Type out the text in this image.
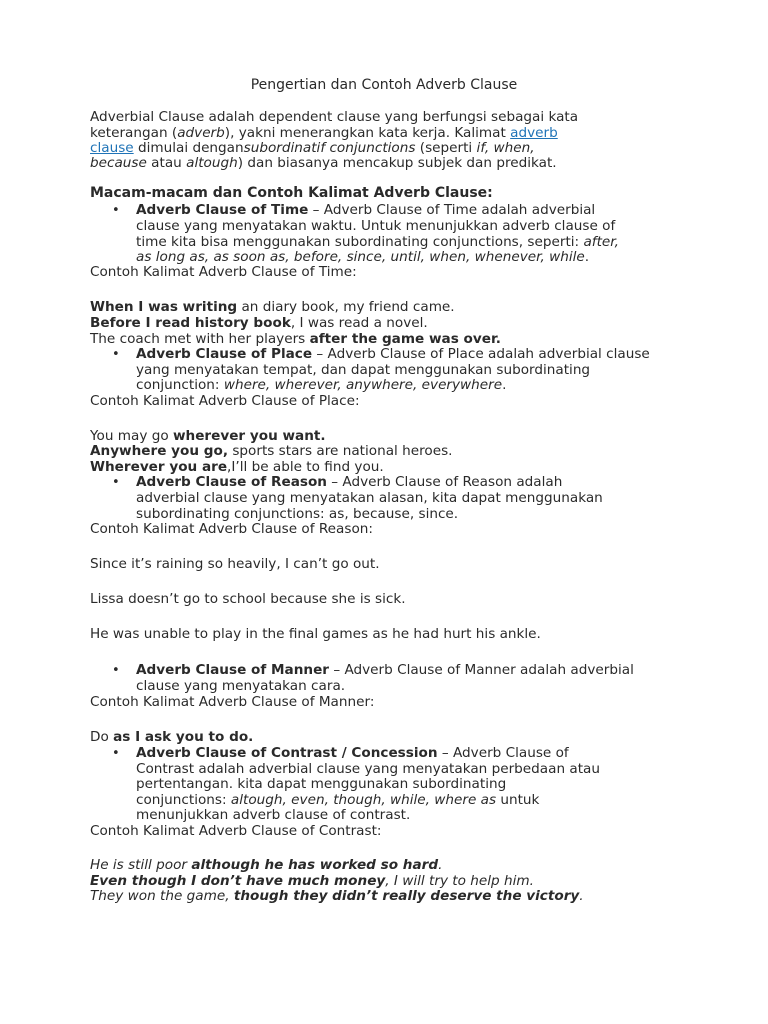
Pengertian dan Contoh Adverb Clause
Adverbial Clause adalah dependent clause yang berfungsi sebagai kata
keterangan (adverb), yakni menerangkan kata kerja. Kalimat adverb
clause dimulai dengansubordinatif conjunctions (seperti if, when,
because atau altough) dan biasanya mencakup subjek dan predikat.
Macam-macam dan Contoh Kalimat Adverb Clause:
• Adverb Clause of Time – Adverb Clause of Time adalah adverbial
clause yang menyatakan waktu. Untuk menunjukkan adverb clause of
time kita bisa menggunakan subordinating conjunctions, seperti: after,
as long as, as soon as, before, since, until, when, whenever, while.
Contoh Kalimat Adverb Clause of Time:
When I was writing an diary book, my friend came.
Before I read history book, I was read a novel.
The coach met with her players after the game was over.
• Adverb Clause of Place – Adverb Clause of Place adalah adverbial clause
yang menyatakan tempat, dan dapat menggunakan subordinating
conjunction: where, wherever, anywhere, everywhere.
Contoh Kalimat Adverb Clause of Place:
You may go wherever you want.
Anywhere you go, sports stars are national heroes.
Wherever you are,I’ll be able to find you.
• Adverb Clause of Reason – Adverb Clause of Reason adalah
adverbial clause yang menyatakan alasan, kita dapat menggunakan
subordinating conjunctions: as, because, since.
Contoh Kalimat Adverb Clause of Reason:
Since it’s raining so heavily, I can’t go out.
Lissa doesn’t go to school because she is sick.
He was unable to play in the final games as he had hurt his ankle.
• Adverb Clause of Manner – Adverb Clause of Manner adalah adverbial
clause yang menyatakan cara.
Contoh Kalimat Adverb Clause of Manner:
Do as I ask you to do.
• Adverb Clause of Contrast / Concession – Adverb Clause of
Contrast adalah adverbial clause yang menyatakan perbedaan atau
pertentangan. kita dapat menggunakan subordinating
conjunctions: altough, even, though, while, where as untuk
menunjukkan adverb clause of contrast.
Contoh Kalimat Adverb Clause of Contrast:
He is still poor although he has worked so hard.
Even though I don’t have much money, I will try to help him.
They won the game, though they didn’t really deserve the victory.
